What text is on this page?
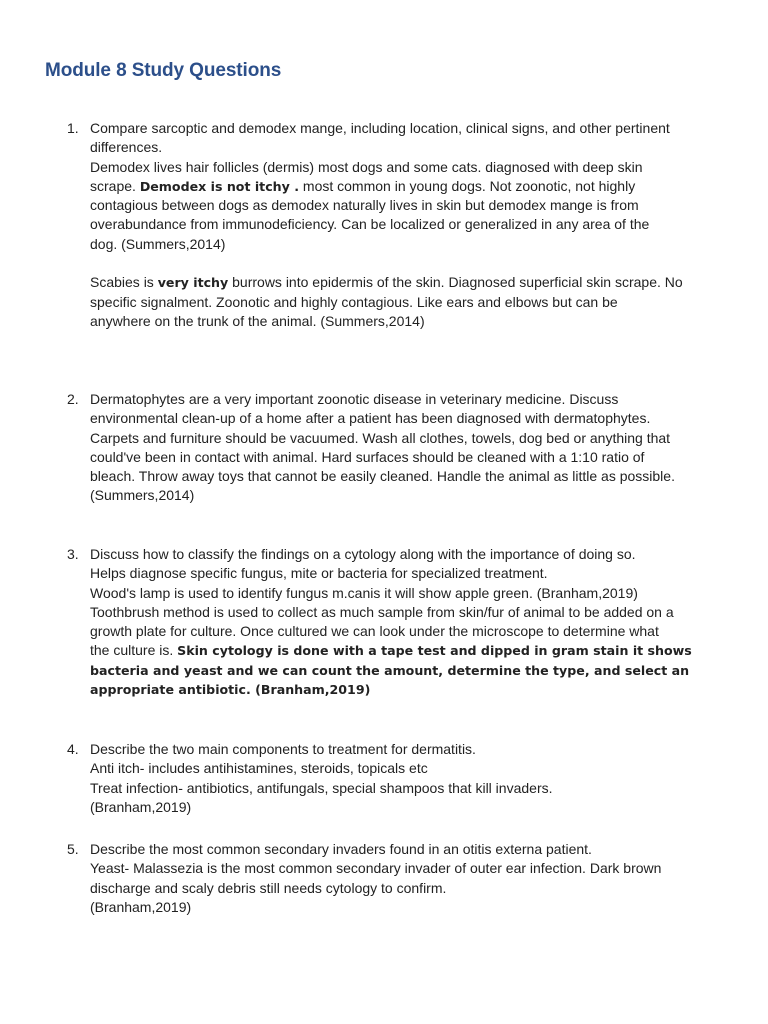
Module 8 Study Questions
1. Compare sarcoptic and demodex mange, including location, clinical signs, and other pertinent
differences.
Demodex lives hair follicles (dermis) most dogs and some cats. diagnosed with deep skin
scrape. Demodex is not itchy . most common in young dogs. Not zoonotic, not highly
contagious between dogs as demodex naturally lives in skin but demodex mange is from
overabundance from immunodeficiency. Can be localized or generalized in any area of the
dog. (Summers,2014)
Scabies is very itchy burrows into epidermis of the skin. Diagnosed superficial skin scrape. No
specific signalment. Zoonotic and highly contagious. Like ears and elbows but can be
anywhere on the trunk of the animal. (Summers,2014)
2. Dermatophytes are a very important zoonotic disease in veterinary medicine. Discuss
environmental clean-up of a home after a patient has been diagnosed with dermatophytes.
Carpets and furniture should be vacuumed. Wash all clothes, towels, dog bed or anything that
could've been in contact with animal. Hard surfaces should be cleaned with a 1:10 ratio of
bleach. Throw away toys that cannot be easily cleaned. Handle the animal as little as possible.
(Summers,2014)
3. Discuss how to classify the findings on a cytology along with the importance of doing so.
Helps diagnose specific fungus, mite or bacteria for specialized treatment.
Wood's lamp is used to identify fungus m.canis it will show apple green. (Branham,2019)
Toothbrush method is used to collect as much sample from skin/fur of animal to be added on a
growth plate for culture. Once cultured we can look under the microscope to determine what
the culture is. Skin cytology is done with a tape test and dipped in gram stain it shows
bacteria and yeast and we can count the amount, determine the type, and select an
appropriate antibiotic. (Branham,2019)
4. Describe the two main components to treatment for dermatitis.
Anti itch- includes antihistamines, steroids, topicals etc
Treat infection- antibiotics, antifungals, special shampoos that kill invaders.
(Branham,2019)
5. Describe the most common secondary invaders found in an otitis externa patient.
Yeast- Malassezia is the most common secondary invader of outer ear infection. Dark brown
discharge and scaly debris still needs cytology to confirm.
(Branham,2019)
